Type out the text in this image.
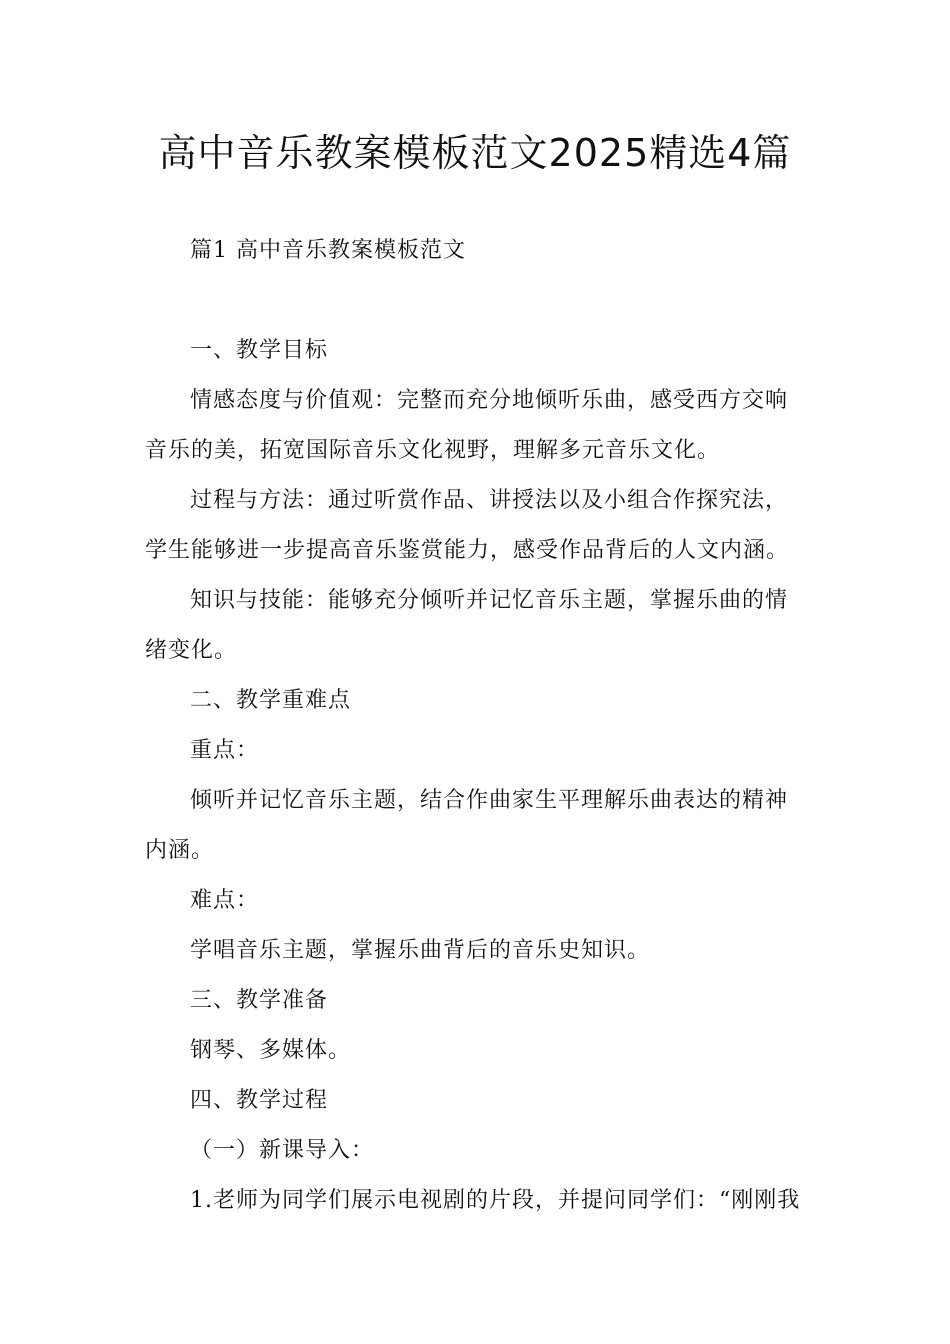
高中音乐教案模板范文2025精选4篇
篇1 高中音乐教案模板范文

一、教学目标

情感态度与价值观：完整而充分地倾听乐曲，感受西方交响音乐的美，拓宽国际音乐文化视野，理解多元音乐文化。

过程与方法：通过听赏作品、讲授法以及小组合作探究法，学生能够进一步提高音乐鉴赏能力，感受作品背后的人文内涵。

知识与技能：能够充分倾听并记忆音乐主题，掌握乐曲的情绪变化。

二、教学重难点

重点：

倾听并记忆音乐主题，结合作曲家生平理解乐曲表达的精神内涵。

难点：

学唱音乐主题，掌握乐曲背后的音乐史知识。

三、教学准备

钢琴、多媒体。

四、教学过程

（一）新课导入：

1.老师为同学们展示电视剧的片段，并提问同学们：“刚刚我
